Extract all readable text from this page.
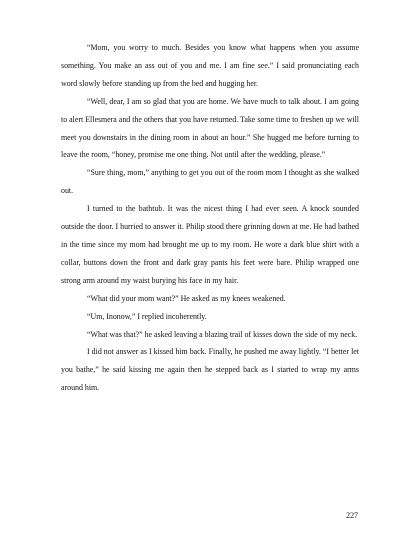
“Mom, you worry to much. Besides you know what happens when you assume something. You make an ass out of you and me. I am fine see.” I said pronunciating each word slowly before standing up from the bed and hugging her.

“Well, dear, I am so glad that you are home. We have much to talk about. I am going to alert Ellesmera and the others that you have returned. Take some time to freshen up we will meet you downstairs in the dining room in about an hour.” She hugged me before turning to leave the room, “honey, promise me one thing. Not until after the wedding, please.”

“Sure thing, mom,” anything to get you out of the room mom I thought as she walked out.

I turned to the bathtub. It was the nicest thing I had ever seen. A knock sounded outside the door. I hurried to answer it. Philip stood there grinning down at me. He had bathed in the time since my mom had brought me up to my room. He wore a dark blue shirt with a collar, buttons down the front and dark gray pants his feet were bare. Philip wrapped one strong arm around my waist burying his face in my hair.

“What did your mom want?” He asked as my knees weakened.

“Um, Inonow,” I replied incoherently.

“What was that?” he asked leaving a blazing trail of kisses down the side of my neck.

I did not answer as I kissed him back. Finally, he pushed me away lightly. “I better let you bathe,” he said kissing me again then he stepped back as I started to wrap my arms around him.

227
